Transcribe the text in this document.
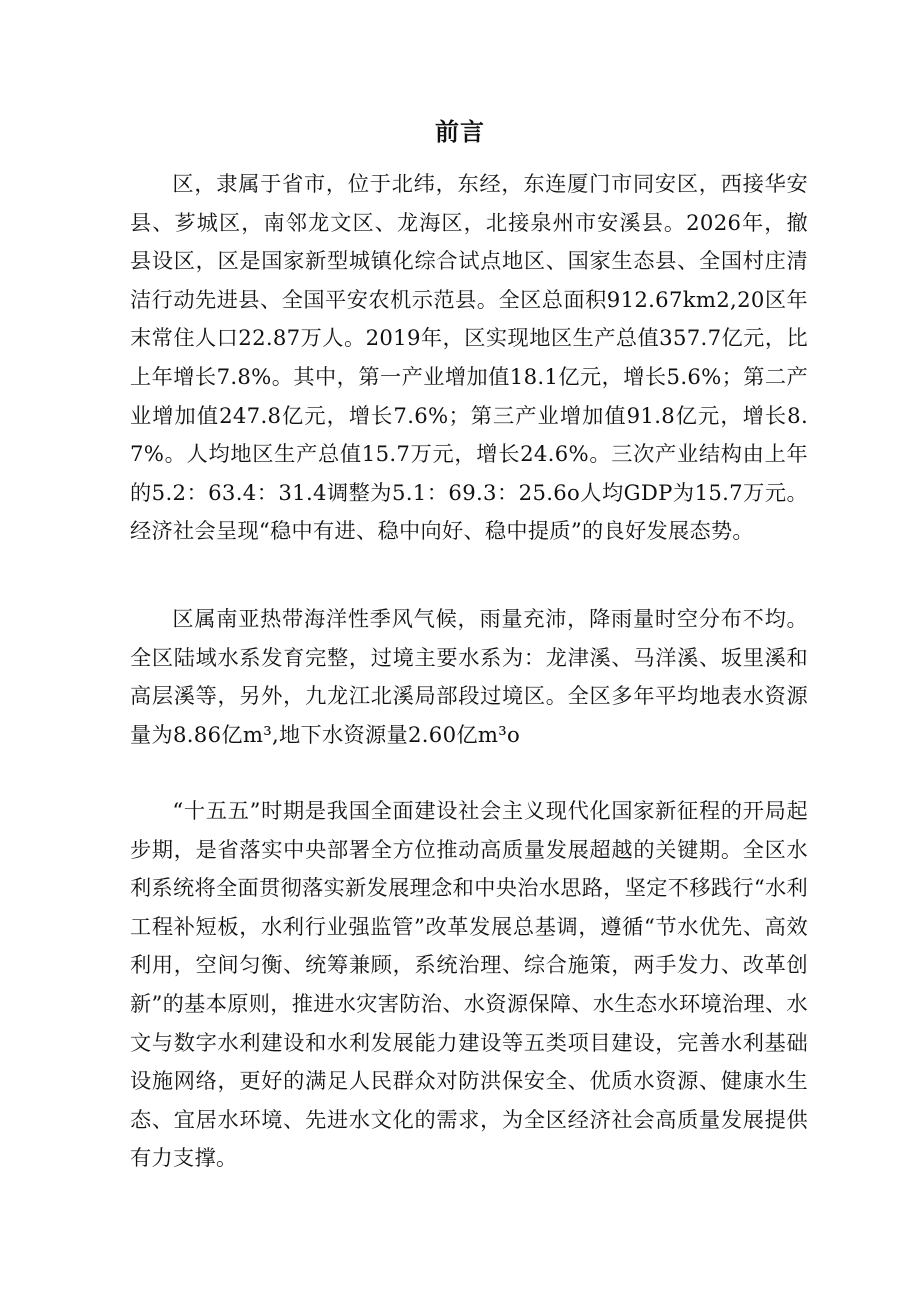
前言

区，隶属于省市，位于北纬，东经，东连厦门市同安区，西接华安县、芗城区，南邻龙文区、龙海区，北接泉州市安溪县。2026年，撤县设区，区是国家新型城镇化综合试点地区、国家生态县、全国村庄清洁行动先进县、全国平安农机示范县。全区总面积912.67km2,20区年末常住人口22.87万人。2019年，区实现地区生产总值357.7亿元，比上年增长7.8%。其中，第一产业增加值18.1亿元，增长5.6%；第二产业增加值247.8亿元，增长7.6%；第三产业增加值91.8亿元，增长8.7%。人均地区生产总值15.7万元，增长24.6%。三次产业结构由上年的5.2：63.4：31.4调整为5.1：69.3：25.6o人均GDP为15.7万元。经济社会呈现“稳中有进、稳中向好、稳中提质”的良好发展态势。

区属南亚热带海洋性季风气候，雨量充沛，降雨量时空分布不均。全区陆域水系发育完整，过境主要水系为：龙津溪、马洋溪、坂里溪和高层溪等，另外，九龙江北溪局部段过境区。全区多年平均地表水资源量为8.86亿m³,地下水资源量2.60亿m³o

“十五五”时期是我国全面建设社会主义现代化国家新征程的开局起步期，是省落实中央部署全方位推动高质量发展超越的关键期。全区水利系统将全面贯彻落实新发展理念和中央治水思路，坚定不移践行“水利工程补短板，水利行业强监管”改革发展总基调，遵循“节水优先、高效利用，空间匀衡、统筹兼顾，系统治理、综合施策，两手发力、改革创新”的基本原则，推进水灾害防治、水资源保障、水生态水环境治理、水文与数字水利建设和水利发展能力建设等五类项目建设，完善水利基础设施网络，更好的满足人民群众对防洪保安全、优质水资源、健康水生态、宜居水环境、先进水文化的需求，为全区经济社会高质量发展提供有力支撑。
